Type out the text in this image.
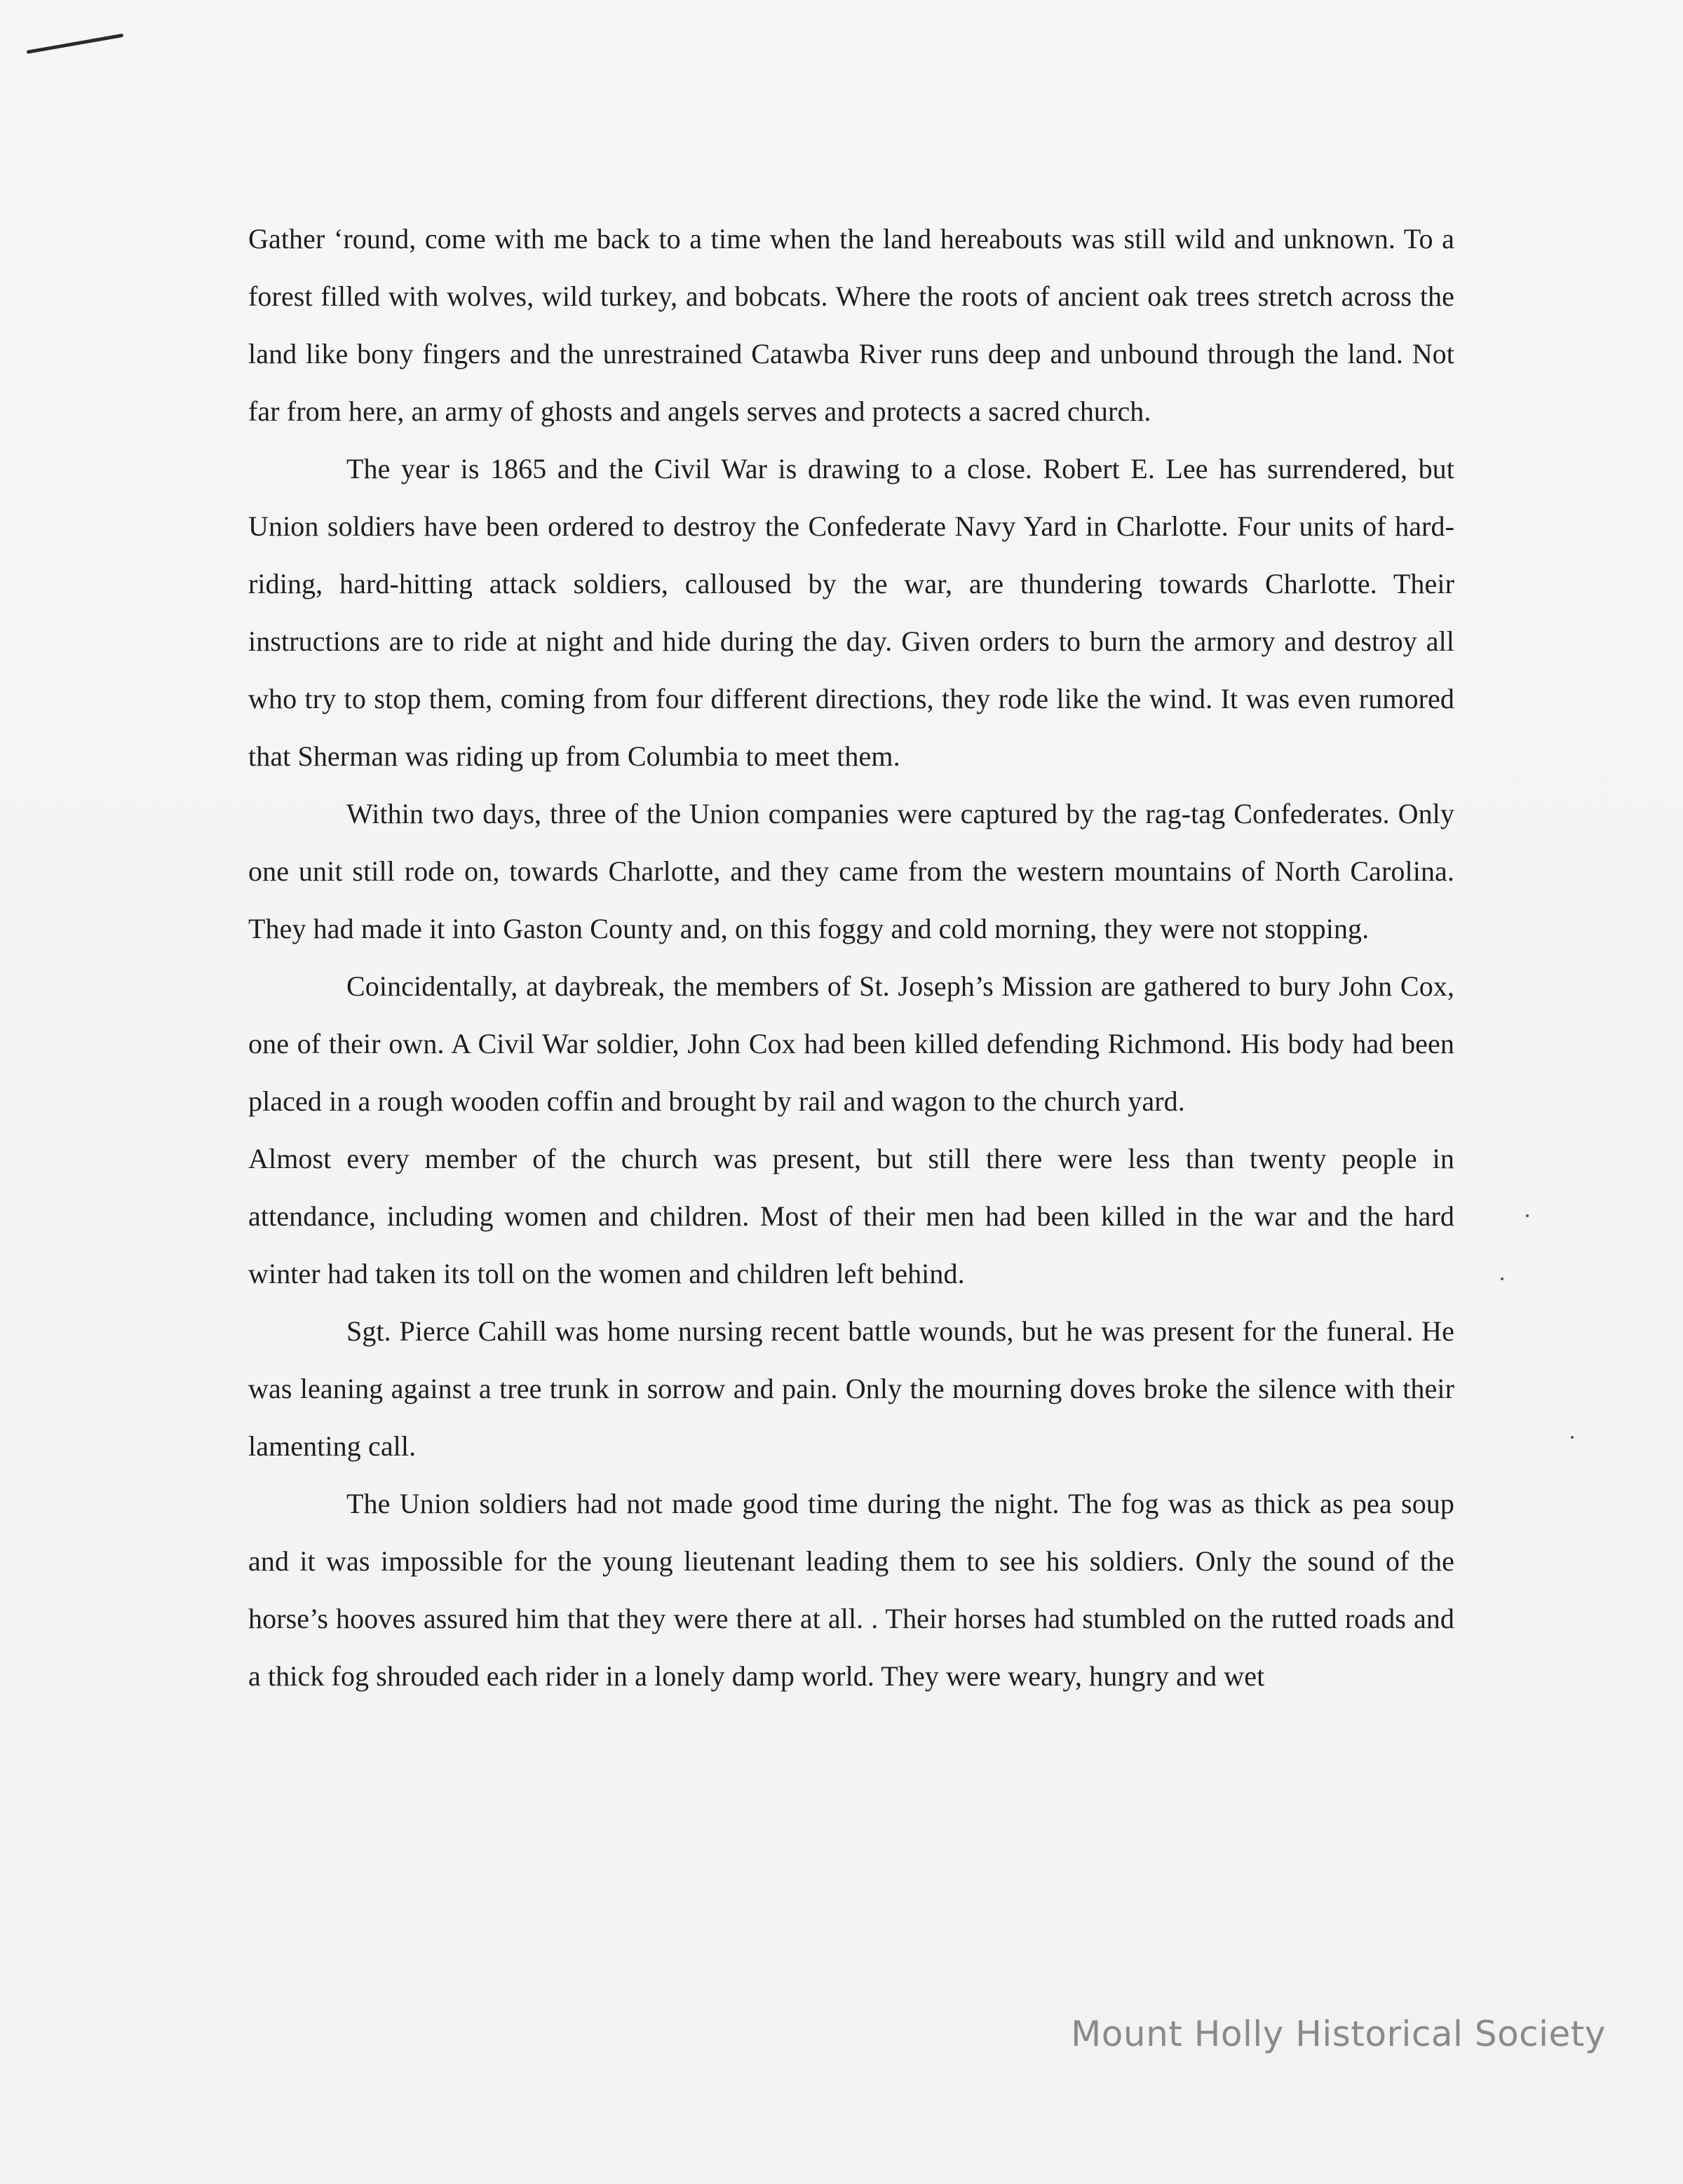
Gather ‘round, come with me back to a time when the land hereabouts was still wild and unknown. To a forest filled with wolves, wild turkey, and bobcats. Where the roots of ancient oak trees stretch across the land like bony fingers and the unrestrained Catawba River runs deep and unbound through the land. Not far from here, an army of ghosts and angels serves and protects a sacred church.

The year is 1865 and the Civil War is drawing to a close. Robert E. Lee has surrendered, but Union soldiers have been ordered to destroy the Confederate Navy Yard in Charlotte. Four units of hard-riding, hard-hitting attack soldiers, calloused by the war, are thundering towards Charlotte. Their instructions are to ride at night and hide during the day. Given orders to burn the armory and destroy all who try to stop them, coming from four different directions, they rode like the wind. It was even rumored that Sherman was riding up from Columbia to meet them.

Within two days, three of the Union companies were captured by the rag-tag Confederates. Only one unit still rode on, towards Charlotte, and they came from the western mountains of North Carolina. They had made it into Gaston County and, on this foggy and cold morning, they were not stopping.

Coincidentally, at daybreak, the members of St. Joseph’s Mission are gathered to bury John Cox, one of their own. A Civil War soldier, John Cox had been killed defending Richmond. His body had been placed in a rough wooden coffin and brought by rail and wagon to the church yard.

Almost every member of the church was present, but still there were less than twenty people in attendance, including women and children. Most of their men had been killed in the war and the hard winter had taken its toll on the women and children left behind.

Sgt. Pierce Cahill was home nursing recent battle wounds, but he was present for the funeral. He was leaning against a tree trunk in sorrow and pain. Only the mourning doves broke the silence with their lamenting call.

The Union soldiers had not made good time during the night. The fog was as thick as pea soup and it was impossible for the young lieutenant leading them to see his soldiers. Only the sound of the horse’s hooves assured him that they were there at all. . Their horses had stumbled on the rutted roads and a thick fog shrouded each rider in a lonely damp world. They were weary, hungry and wet

Mount Holly Historical Society
